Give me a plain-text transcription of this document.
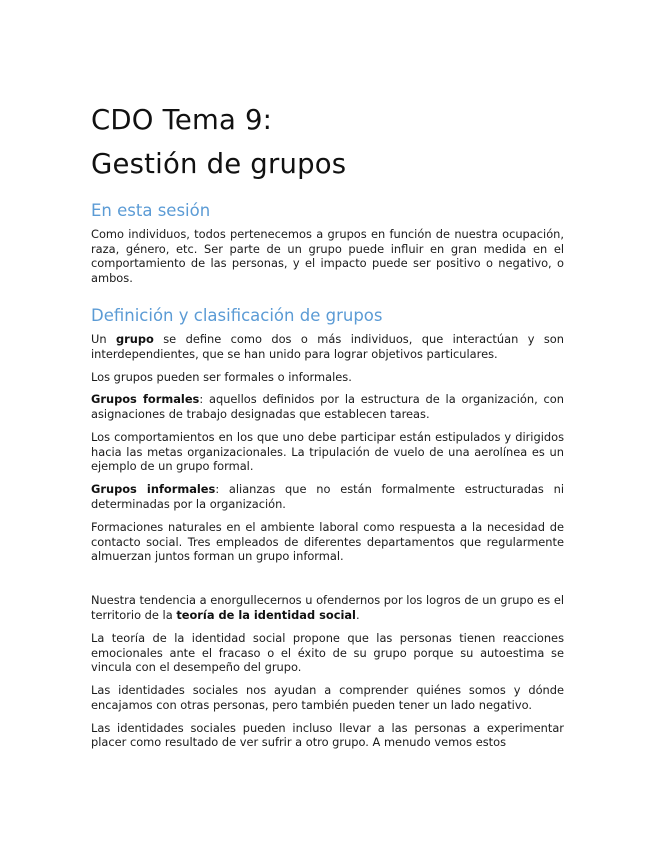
CDO Tema 9:
Gestión de grupos
En esta sesión

Como individuos, todos pertenecemos a grupos en función de nuestra ocupación, raza, género, etc. Ser parte de un grupo puede influir en gran medida en el comportamiento de las personas, y el impacto puede ser positivo o negativo, o ambos.

Definición y clasificación de grupos

Un grupo se define como dos o más individuos, que interactúan y son interdependientes, que se han unido para lograr objetivos particulares.

Los grupos pueden ser formales o informales.

Grupos formales: aquellos definidos por la estructura de la organización, con asignaciones de trabajo designadas que establecen tareas.

Los comportamientos en los que uno debe participar están estipulados y dirigidos hacia las metas organizacionales. La tripulación de vuelo de una aerolínea es un ejemplo de un grupo formal.

Grupos informales: alianzas que no están formalmente estructuradas ni determinadas por la organización.

Formaciones naturales en el ambiente laboral como respuesta a la necesidad de contacto social. Tres empleados de diferentes departamentos que regularmente almuerzan juntos forman un grupo informal.

Nuestra tendencia a enorgullecernos u ofendernos por los logros de un grupo es el territorio de la teoría de la identidad social.

La teoría de la identidad social propone que las personas tienen reacciones emocionales ante el fracaso o el éxito de su grupo porque su autoestima se vincula con el desempeño del grupo.

Las identidades sociales nos ayudan a comprender quiénes somos y dónde encajamos con otras personas, pero también pueden tener un lado negativo.

Las identidades sociales pueden incluso llevar a las personas a experimentar placer como resultado de ver sufrir a otro grupo. A menudo vemos estos
